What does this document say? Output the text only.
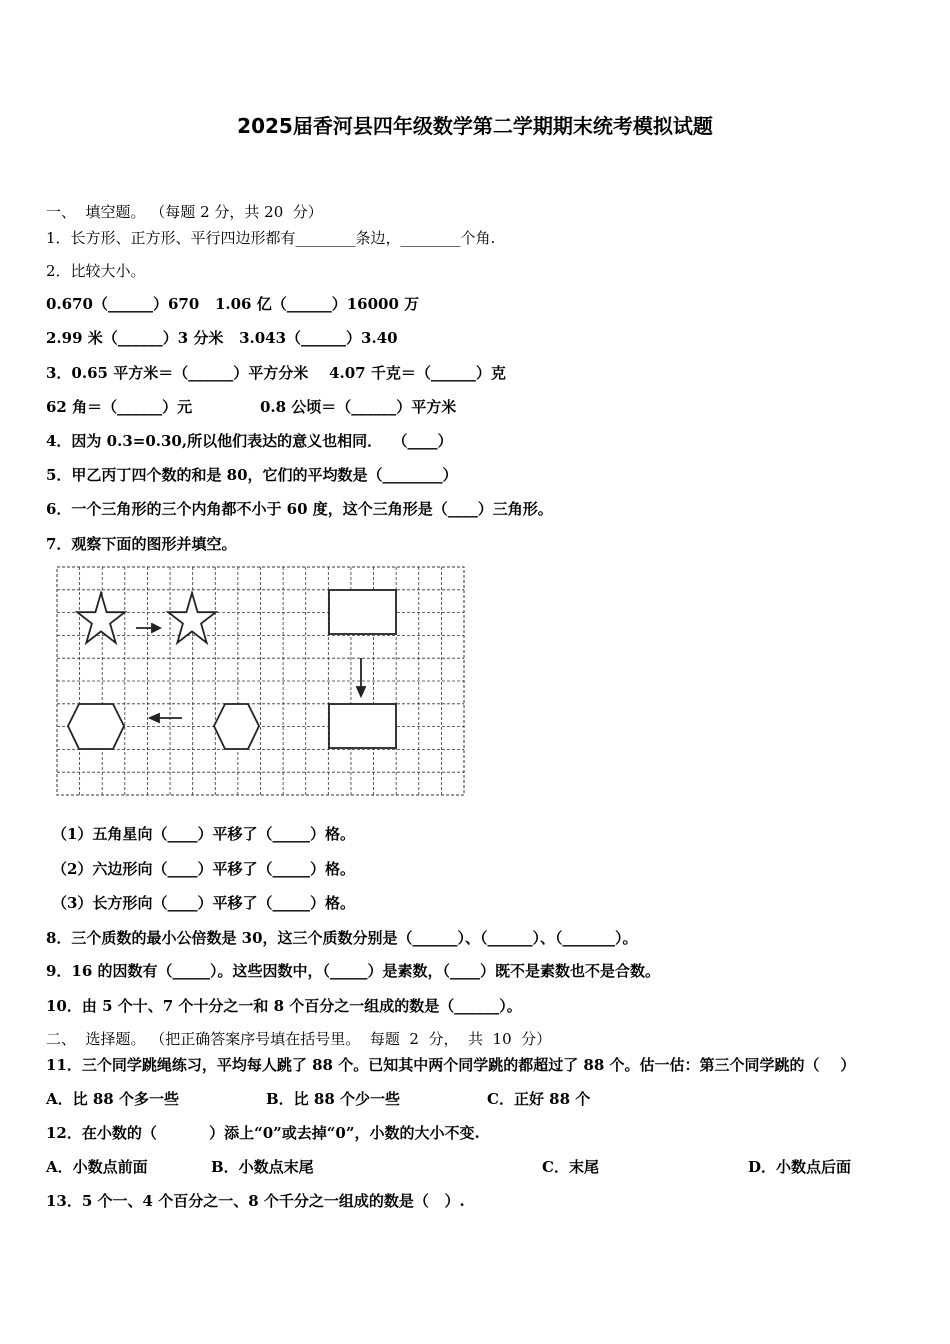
2025届香河县四年级数学第二学期期末统考模拟试题
一、  填空题。 （每题 2 分，共 20  分）
1．长方形、正方形、平行四边形都有________条边，________个角.
2．比较大小。
0.670（______）670   1.06 亿（______）16000 万
2.99 米（______）3 分米   3.043（______）3.40
3．0.65 平方米＝（______）平方分米    4.07 千克＝（______）克
62 角＝（______）元             0.8 公顷＝（______）平方米
4．因为 0.3=0.30,所以他们表达的意义也相同．  （____）
5．甲乙丙丁四个数的和是 80，它们的平均数是（________）
6．一个三角形的三个内角都不小于 60 度，这个三角形是（____）三角形。
7．观察下面的图形并填空。
（1）五角星向（____）平移了（_____）格。
（2）六边形向（____）平移了（_____）格。
（3）长方形向（____）平移了（_____）格。
8．三个质数的最小公倍数是 30，这三个质数分别是（______）、（______）、（_______）。
9．16 的因数有（_____）。这些因数中，（_____）是素数，（____）既不是素数也不是合数。
10．由 5 个十、7 个十分之一和 8 个百分之一组成的数是（______）。
二、  选择题。 （把正确答案序号填在括号里。  每题  2  分，  共  10  分）
11．三个同学跳绳练习，平均每人跳了 88 个。已知其中两个同学跳的都超过了 88 个。估一估：第三个同学跳的（    ）
A．比 88 个多一些	B．比 88 个少一些	C．正好 88 个
12．在小数的（          ）添上“0”或去掉“0”，小数的大小不变.
A．小数点前面	B．小数点末尾	C．末尾	D．小数点后面
13．5 个一、4 个百分之一、8 个千分之一组成的数是（   ）.
